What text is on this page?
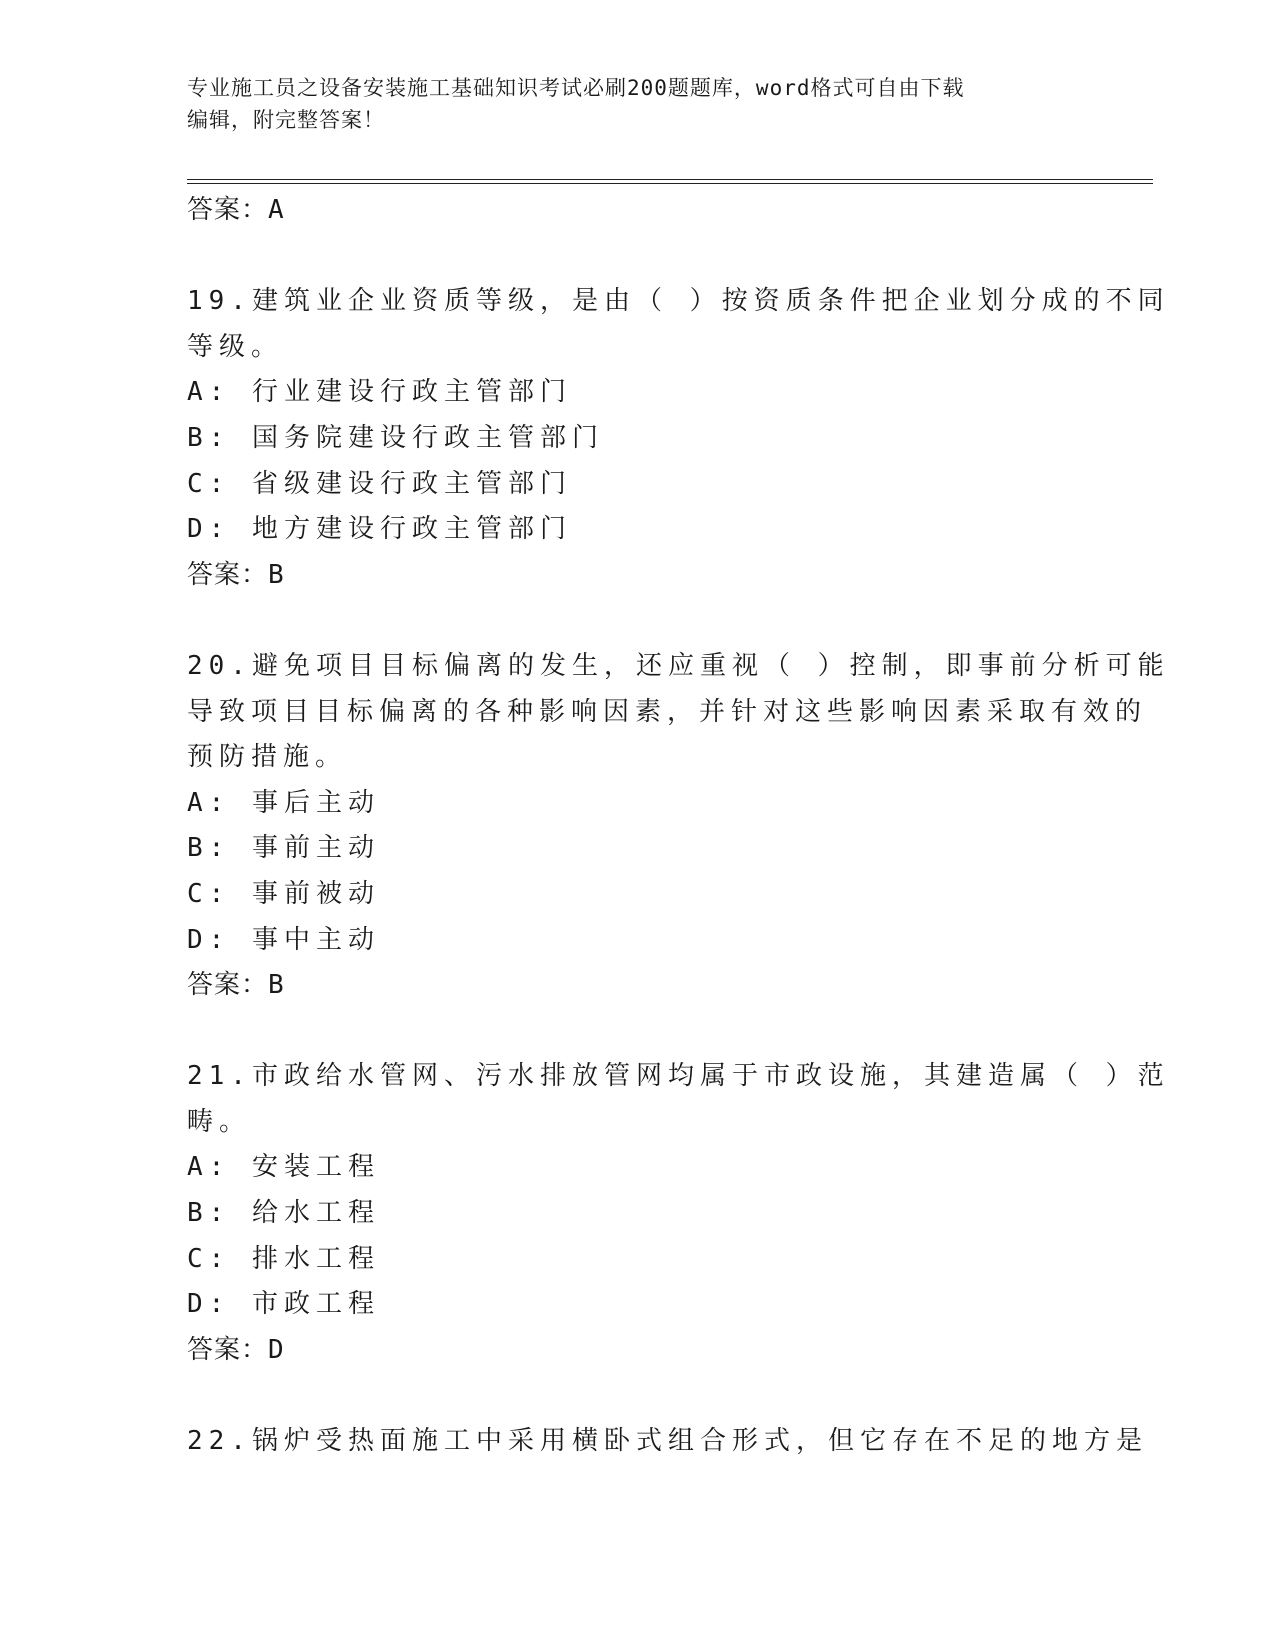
专业施工员之设备安装施工基础知识考试必刷200题题库，word格式可自由下载
编辑，附完整答案！

答案：A

19.建筑业企业资质等级，是由（ ）按资质条件把企业划分成的不同

等级。

A: 行业建设行政主管部门

B: 国务院建设行政主管部门

C: 省级建设行政主管部门

D: 地方建设行政主管部门

答案：B

20.避免项目目标偏离的发生，还应重视（ ）控制，即事前分析可能

导致项目目标偏离的各种影响因素，并针对这些影响因素采取有效的

预防措施。

A: 事后主动

B: 事前主动

C: 事前被动

D: 事中主动

答案：B

21.市政给水管网、污水排放管网均属于市政设施，其建造属（ ）范

畴。

A: 安装工程

B: 给水工程

C: 排水工程

D: 市政工程

答案：D

22.锅炉受热面施工中采用横卧式组合形式，但它存在不足的地方是
